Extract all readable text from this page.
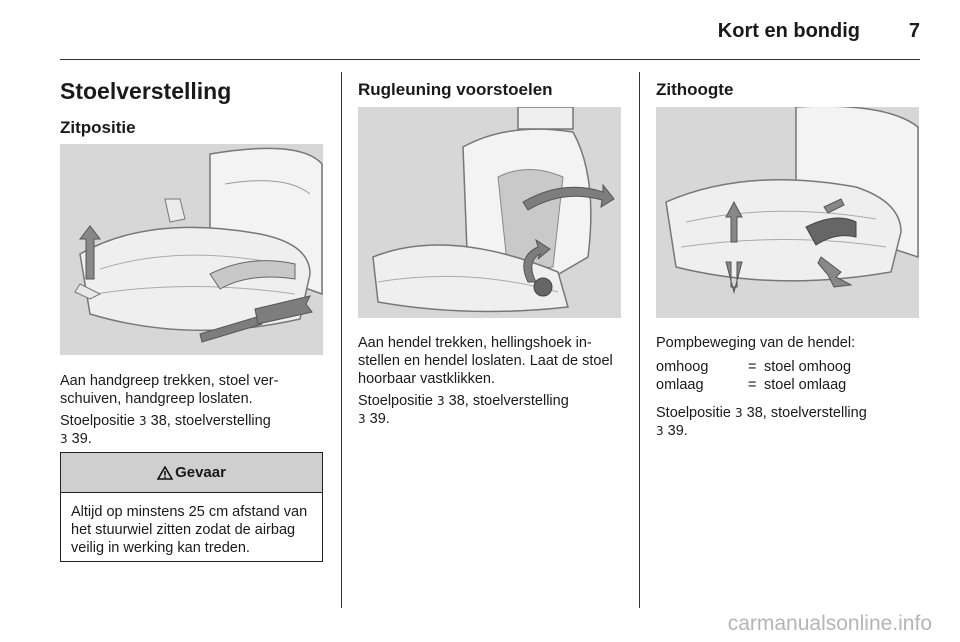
Kort en bondig 7
Stoelverstelling
Zitpositie
Aan handgreep trekken, stoel ver-schuiven, handgreep loslaten.
Stoelpositie 3 38, stoelverstelling
3 39.
Gevaar
Altijd op minstens 25 cm afstand van het stuurwiel zitten zodat de airbag veilig in werking kan treden.
Rugleuning voorstoelen
Aan hendel trekken, hellingshoek in-stellen en hendel loslaten. Laat de stoel hoorbaar vastklikken.
Stoelpositie 3 38, stoelverstelling
3 39.
Zithoogte
Pompbeweging van de hendel:
omhoog	= stoel omhoog
omlaag	= stoel omlaag
Stoelpositie 3 38, stoelverstelling
3 39.
carmanualsonline.info
